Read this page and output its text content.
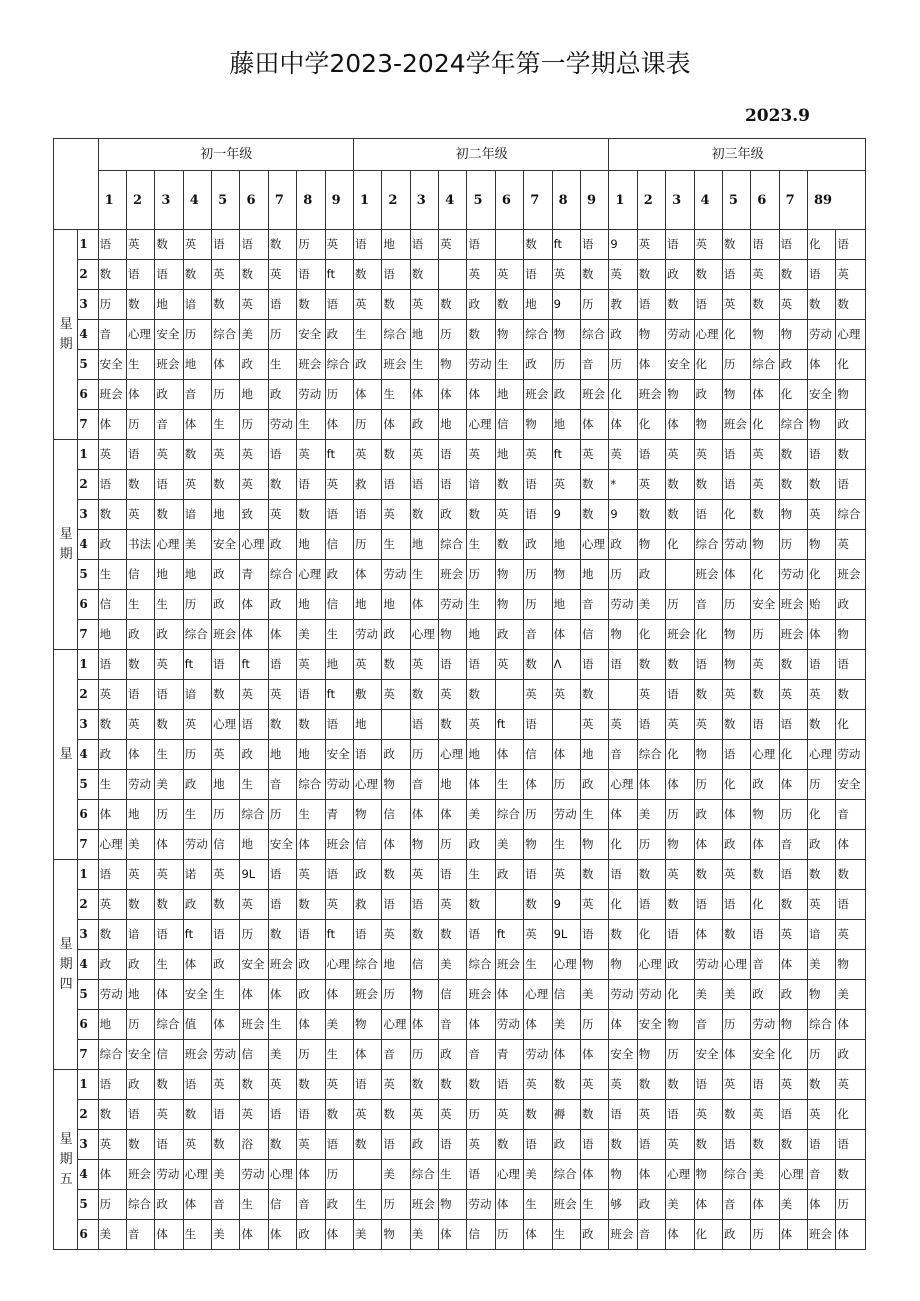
藤田中学2023-2024学年第一学期总课表
2023.9
		初一年级									初二年级									初三年级								
		1	2	3	4	5	6	7	8	9	1	2	3	4	5	6	7	8	9	1	2	3	4	5	6	7	89	
星
期	1	语	英	数	英	语	语	数	历	英	语	地	语	英	语		数	ft	语	9	英	语	英	数	语	语	化	语
	2	数	语	语	数	英	数	英	语	ft	数	语	数		英	英	语	英	数	英	数	政	数	语	英	数	语	英
	3	历	数	地	谙	数	英	语	数	语	英	数	英	数	政	数	地	9	历	教	语	数	语	英	数	英	数	数
	4	音	心理	安全	历	综合	美	历	安全	政	生	综合	地	历	数	物	综合	物	综合	政	物	劳动	心理	化	物	物	劳动	心理
	5	安全	生	班会	地	体	政	生	班会	综合	政	班会	生	物	劳动	生	政	历	音	历	体	安全	化	历	综合	政	体	化
	6	班会	体	政	音	历	地	政	劳动	历	体	生	体	体	体	地	班会	政	班会	化	班会	物	政	物	体	化	安全	物
	7	体	历	音	体	生	历	劳动	生	体	历	体	政	地	心理	信	物	地	体	体	化	体	物	班会	化	综合	物	政
星
期	1	英	语	英	数	英	英	语	英	ft	英	数	英	语	英	地	英	ft	英	英	语	英	英	语	英	数	语	数
	2	语	数	语	英	数	英	数	语	英	救	语	语	语	谙	数	语	英	数	*	英	数	数	语	英	数	数	语
	3	数	英	数	谙	地	致	英	数	语	语	英	数	政	数	英	语	9	数	9	数	数	语	化	数	物	英	综合
	4	政	书法	心理	美	安全	心理	政	地	信	历	生	地	综合	生	数	政	地	心理	政	物	化	综合	劳动	物	历	物	英
	5	生	信	地	地	政	青	综合	心理	政	体	劳动	生	班会	历	物	历	物	地	历	政		班会	体	化	劳动	化	班会
	6	信	生	生	历	政	体	政	地	信	地	地	体	劳动	生	物	历	地	音	劳动	美	历	音	历	安全	班会	贻	政
	7	地	政	政	综合	班会	体	体	美	生	劳动	政	心理	物	地	政	音	体	信	物	化	班会	化	物	历	班会	体	物
星	1	语	数	英	ft	语	ft	语	英	地	英	数	英	语	语	英	数	Λ	语	语	数	数	语	物	英	数	语	语
	2	英	语	语	谙	数	英	英	语	ft	敷	英	数	英	数		英	英	数		英	语	数	英	数	英	英	数
	3	数	英	数	英	心理	语	数	数	语	地		语	数	英	ft	语		英	英	语	英	英	数	语	语	数	化
	4	政	体	生	历	英	政	地	地	安全	语	政	历	心理	地	体	信	体	地	音	综合	化	物	语	心理	化	心理	劳动
	5	生	劳动	美	政	地	生	音	综合	劳动	心理	物	音	地	体	生	体	历	政	心理	体	体	历	化	政	体	历	安全
	6	体	地	历	生	历	综合	历	生	青	物	信	体	体	美	综合	历	劳动	生	体	美	历	政	体	物	历	化	音
	7	心理	美	体	劳动	信	地	安全	体	班会	信	体	物	历	政	美	物	生	物	化	历	物	体	政	体	音	政	体
星
期
四	1	语	英	英	诺	英	9L	语	英	语	政	数	英	语	生	政	语	英	数	语	数	英	数	英	数	语	数	数
	2	英	数	数	政	数	英	语	数	英	救	语	语	英	数		数	9	英	化	语	数	语	语	化	数	英	语
	3	数	谙	语	ft	语	历	数	语	ft	语	英	数	数	语	ft	英	9L	语	数	化	语	体	数	语	英	谙	英
	4	政	政	生	体	政	安全	班会	政	心理	综合	地	信	美	综合	班会	生	心理	物	物	心理	政	劳动	心理	音	体	美	物
	5	劳动	地	体	安全	生	体	体	政	体	班会	历	物	信	班会	体	心理	信	美	劳动	劳动	化	美	美	政	政	物	美
	6	地	历	综合	值	体	班会	生	体	美	物	心理	体	音	体	劳动	体	美	历	体	安全	物	音	历	劳动	物	综合	体
	7	综合	安全	信	班会	劳动	信	美	历	生	体	音	历	政	音	青	劳动	体	体	安全	物	历	安全	体	安全	化	历	政
星
期
五	1	语	政	数	语	英	数	英	数	英	语	英	数	数	数	语	英	数	英	英	数	数	语	英	语	英	数	英
	2	数	语	英	数	语	英	语	语	数	英	数	英	英	历	英	数	褥	数	语	英	语	英	数	英	语	英	化
	3	英	数	语	英	数	浴	数	英	语	数	语	政	语	英	数	语	政	语	数	语	英	数	语	数	数	语	语
	4	体	班会	劳动	心理	美	劳动	心理	体	历		美	综合	生	语	心理	美	综合	体	物	体	心理	物	综合	美	心理	音	数
	5	历	综合	政	体	音	生	信	音	政	生	历	班会	物	劳动	体	生	班会	生	够	政	美	体	音	体	美	体	历
	6	美	音	体	生	美	体	体	政	体	美	物	美	体	信	历	体	生	政	班会	音	体	化	政	历	体	班会	体
